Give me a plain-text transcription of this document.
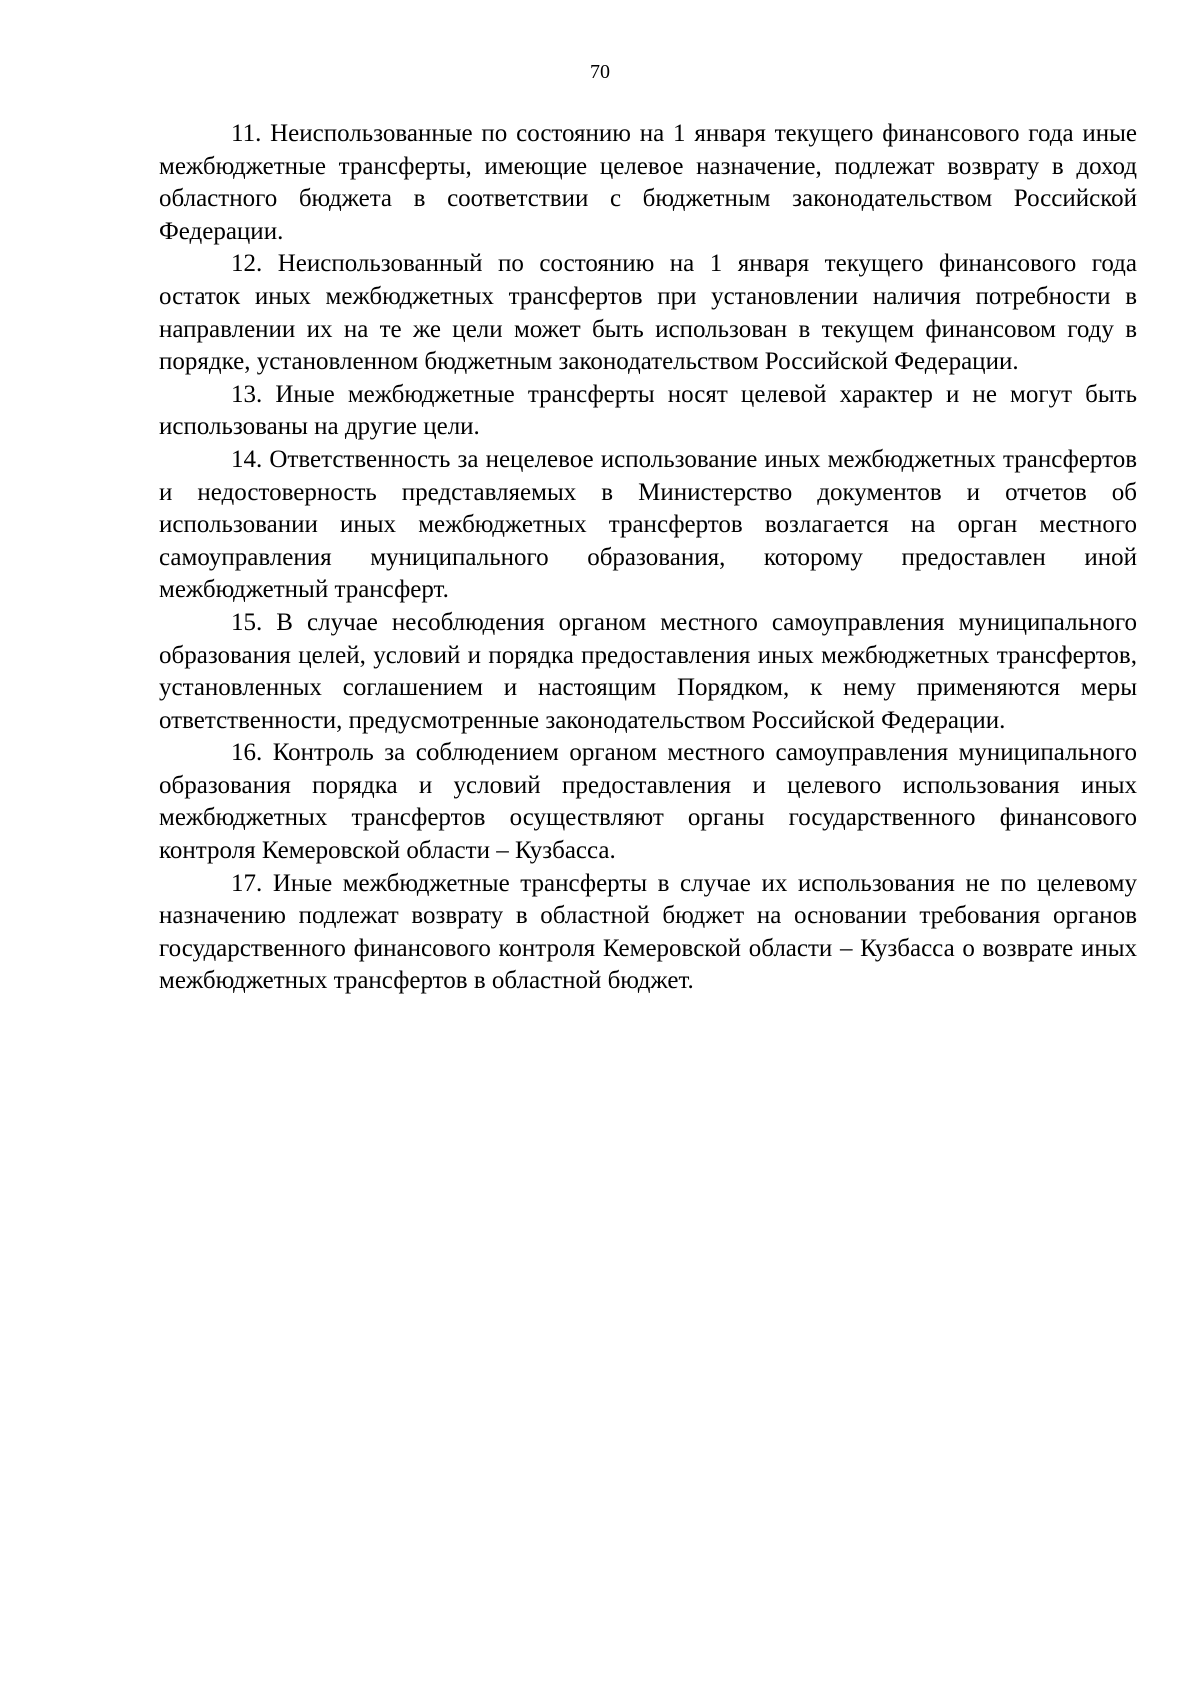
70

11. Неиспользованные по состоянию на 1 января текущего финансового года иные межбюджетные трансферты, имеющие целевое назначение, подлежат возврату в доход областного бюджета в соответствии с бюджетным законодательством Российской Федерации.

12. Неиспользованный по состоянию на 1 января текущего финансового года остаток иных межбюджетных трансфертов при установлении наличия потребности в направлении их на те же цели может быть использован в текущем финансовом году в порядке, установленном бюджетным законодательством Российской Федерации.

13. Иные межбюджетные трансферты носят целевой характер и не могут быть использованы на другие цели.

14. Ответственность за нецелевое использование иных межбюджетных трансфертов и недостоверность представляемых в Министерство документов и отчетов об использовании иных межбюджетных трансфертов возлагается на орган местного самоуправления муниципального образования, которому предоставлен иной межбюджетный трансферт.

15. В случае несоблюдения органом местного самоуправления муниципального образования целей, условий и порядка предоставления иных межбюджетных трансфертов, установленных соглашением и настоящим Порядком, к нему применяются меры ответственности, предусмотренные законодательством Российской Федерации.

16. Контроль за соблюдением органом местного самоуправления муниципального образования порядка и условий предоставления и целевого использования иных межбюджетных трансфертов осуществляют органы государственного финансового контроля Кемеровской области – Кузбасса.

17. Иные межбюджетные трансферты в случае их использования не по целевому назначению подлежат возврату в областной бюджет на основании требования органов государственного финансового контроля Кемеровской области – Кузбасса о возврате иных межбюджетных трансфертов в областной бюджет.
